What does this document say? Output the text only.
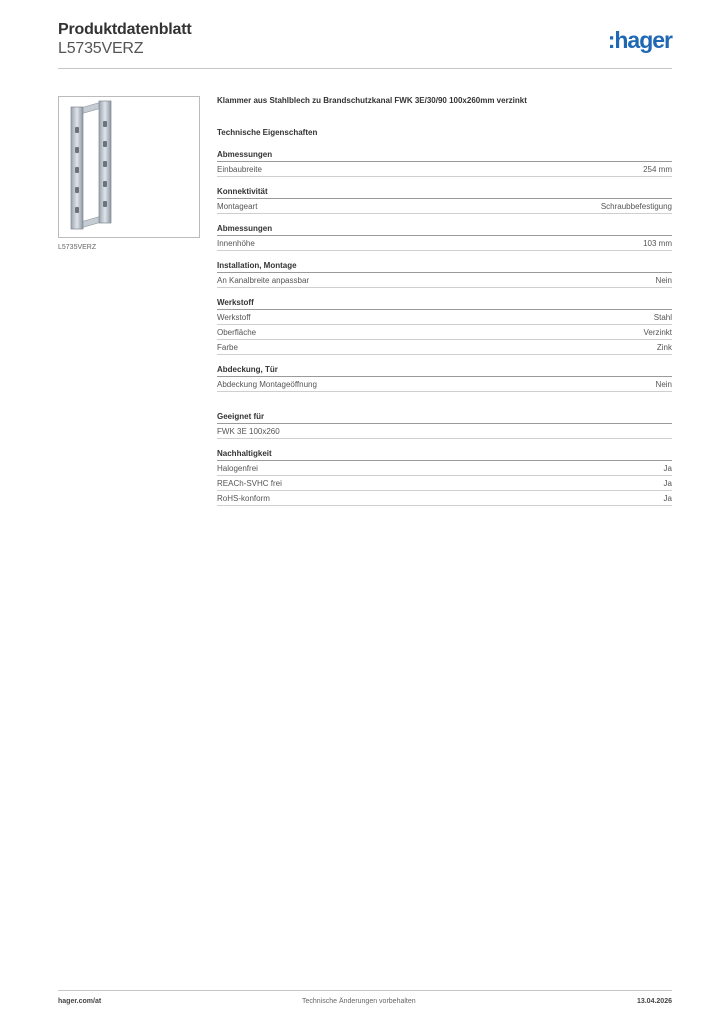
Produktdatenblatt
L5735VERZ	:hager
L5735VERZ
Klammer aus Stahlblech zu Brandschutzkanal FWK 3E/30/90 100x260mm verzinkt
Technische Eigenschaften
Abmessungen
Einbaubreite	254 mm
Konnektivität
Montageart	Schraubbefestigung
Abmessungen
Innenhöhe	103 mm
Installation, Montage
An Kanalbreite anpassbar	Nein
Werkstoff
Werkstoff	Stahl
Oberfläche	Verzinkt
Farbe	Zink
Abdeckung, Tür
Abdeckung Montageöffnung	Nein
Geeignet für
FWK 3E 100x260
Nachhaltigkeit
Halogenfrei	Ja
REACh-SVHC frei	Ja
RoHS-konform	Ja
hager.com/at	Technische Änderungen vorbehalten	13.04.2026
